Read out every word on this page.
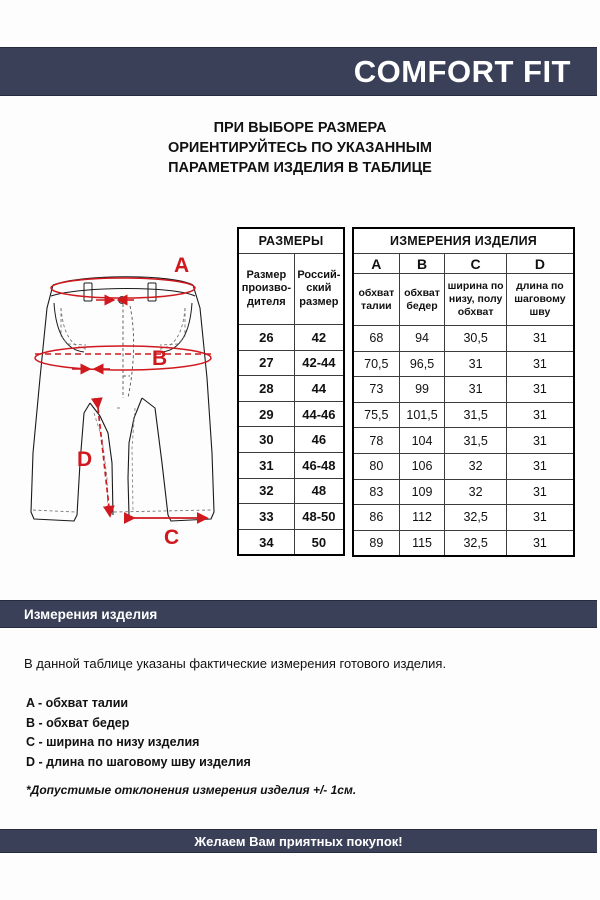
COMFORT FIT
ПРИ ВЫБОРЕ РАЗМЕРА
ОРИЕНТИРУЙТЕСЬ ПО УКАЗАННЫМ
ПАРАМЕТРАМ ИЗДЕЛИЯ В ТАБЛИЦЕ
A
B
C
D
РАЗМЕРЫ	
Размер произво-дителя	Россий-ский размер
26	42
27	42-44
28	44
29	44-46
30	46
31	46-48
32	48
33	48-50
34	50
ИЗМЕРЕНИЯ ИЗДЕЛИЯ			
A	B	C	D
обхват талии	обхват бедер	ширина по низу, полу обхват	длина по шаговому шву
68	94	30,5	31
70,5	96,5	31	31
73	99	31	31
75,5	101,5	31,5	31
78	104	31,5	31
80	106	32	31
83	109	32	31
86	112	32,5	31
89	115	32,5	31
Измерения изделия
В данной таблице указаны фактические измерения готового изделия.
A - обхват талии
B - обхват бедер
C - ширина по низу изделия
D - длина по шаговому шву изделия
*Допустимые отклонения измерения изделия +/- 1см.
Желаем Вам приятных покупок!
